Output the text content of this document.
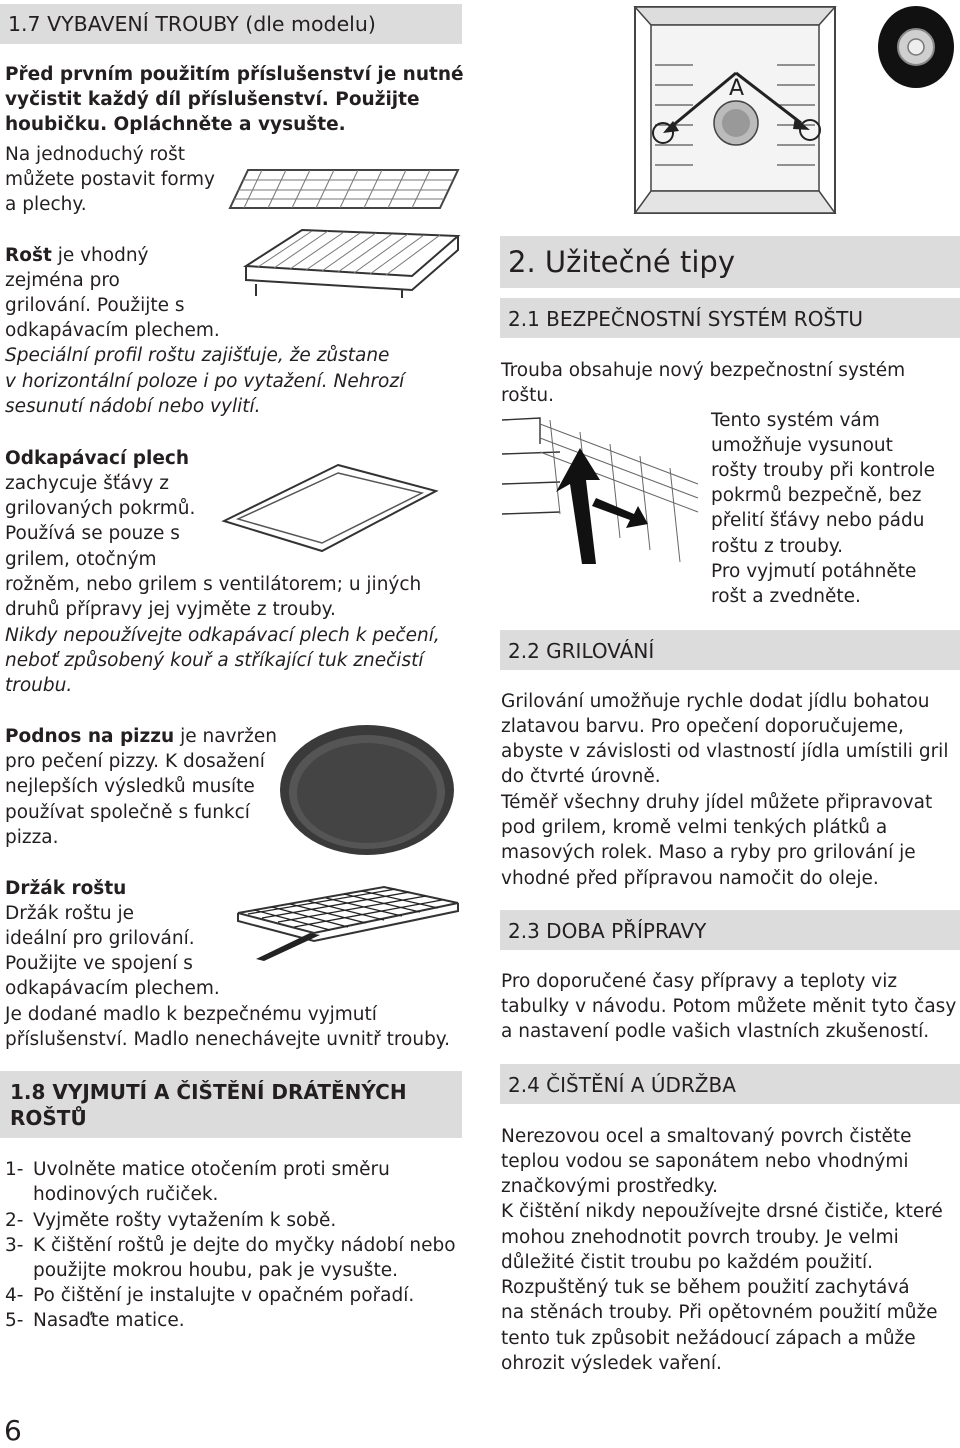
1.7 VYBAVENÍ TROUBY (dle modelu)
Před prvním použitím příslušenství je nutné
vyčistit každý díl příslušenství. Použijte
houbičku. Opláchněte a vysušte.
Na jednoduchý rošt
můžete postavit formy
a plechy.
Rošt je vhodný
zejména pro
grilování. Použijte s
odkapávacím plechem.
Speciální profil roštu zajišťuje, že zůstane
v horizontální poloze i po vytažení. Nehrozí
sesunutí nádobí nebo vylití.
Odkapávací plech
zachycuje šťávy z
grilovaných pokrmů.
Používá se pouze s
grilem, otočným
rožněm, nebo grilem s ventilátorem; u jiných
druhů přípravy jej vyjměte z trouby.
Nikdy nepoužívejte odkapávací plech k pečení,
neboť způsobený kouř a stříkající tuk znečistí
troubu.
Podnos na pizzu je navržen
pro pečení pizzy. K dosažení
nejlepších výsledků musíte
používat společně s funkcí
pizza.
Držák roštu
Držák roštu je
ideální pro grilování.
Použijte ve spojení s
odkapávacím plechem.
Je dodané madlo k bezpečnému vyjmutí
příslušenství. Madlo nenechávejte uvnitř trouby.
1.8 VYJMUTÍ A ČIŠTĚNÍ DRÁTĚNÝCH
ROŠTŮ
1- Uvolněte matice otočením proti směru
hodinových ručiček.
2- Vyjměte rošty vytažením k sobě.
3- K čištění roštů je dejte do myčky nádobí nebo
použijte mokrou houbu, pak je vysušte.
4- Po čištění je instalujte v opačném pořadí.
5- Nasaďte matice.
6
A
2. Užitečné tipy
2.1 BEZPEČNOSTNÍ SYSTÉM ROŠTU
Trouba obsahuje nový bezpečnostní systém
roštu.
Tento systém vám
umožňuje vysunout
rošty trouby při kontrole
pokrmů bezpečně, bez
přelití šťávy nebo pádu
roštu z trouby.
Pro vyjmutí potáhněte
rošt a zvedněte.
2.2 GRILOVÁNÍ
Grilování umožňuje rychle dodat jídlu bohatou
zlatavou barvu. Pro opečení doporučujeme,
abyste v závislosti od vlastností jídla umístili gril
do čtvrté úrovně.
Téměř všechny druhy jídel můžete připravovat
pod grilem, kromě velmi tenkých plátků a
masových rolek. Maso a ryby pro grilování je
vhodné před přípravou namočit do oleje.
2.3 DOBA PŘÍPRAVY
Pro doporučené časy přípravy a teploty viz
tabulky v návodu. Potom můžete měnit tyto časy
a nastavení podle vašich vlastních zkušeností.
2.4 ČIŠTĚNÍ A ÚDRŽBA
Nerezovou ocel a smaltovaný povrch čistěte
teplou vodou se saponátem nebo vhodnými
značkovými prostředky.
K čištění nikdy nepoužívejte drsné čističe, které
mohou znehodnotit povrch trouby. Je velmi
důležité čistit troubu po každém použití.
Rozpuštěný tuk se během použití zachytává
na stěnách trouby. Při opětovném použití může
tento tuk způsobit nežádoucí zápach a může
ohrozit výsledek vaření.
